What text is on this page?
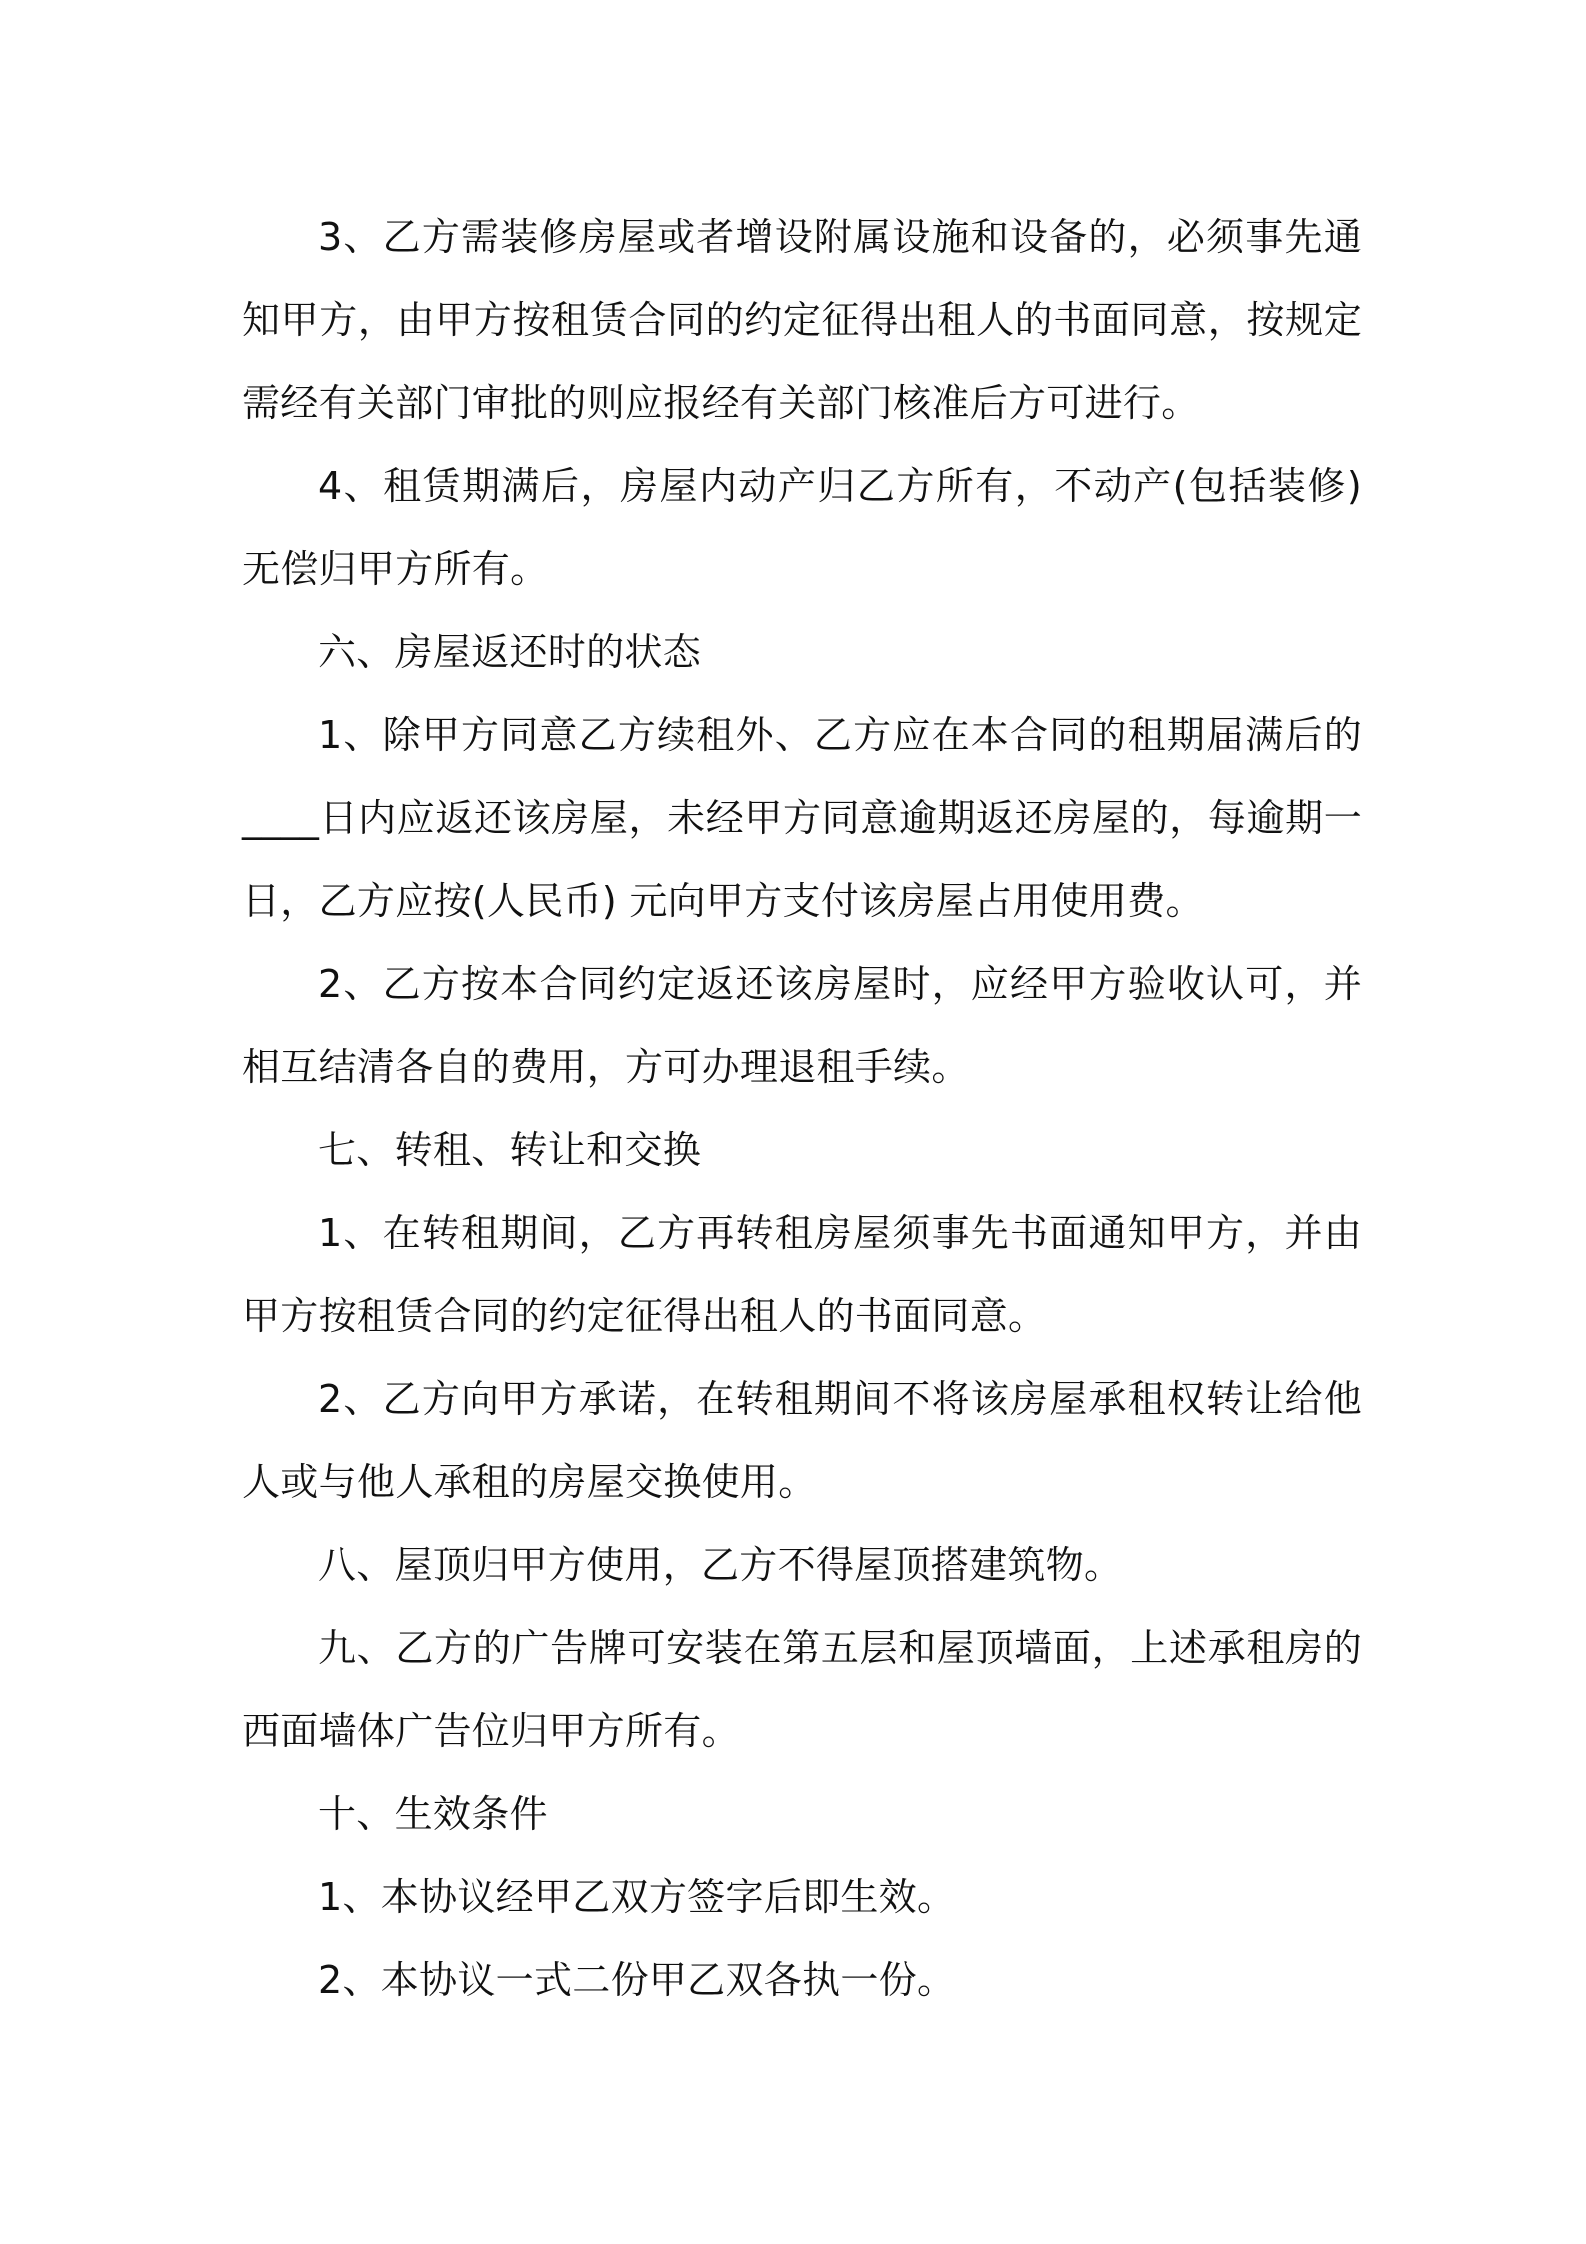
3、乙方需装修房屋或者增设附属设施和设备的，必须事先通知甲方，由甲方按租赁合同的约定征得出租人的书面同意，按规定需经有关部门审批的则应报经有关部门核准后方可进行。

4、租赁期满后，房屋内动产归乙方所有，不动产(包括装修)无偿归甲方所有。

六、房屋返还时的状态

1、除甲方同意乙方续租外、乙方应在本合同的租期届满后的____日内应返还该房屋，未经甲方同意逾期返还房屋的，每逾期一日，乙方应按(人民币) 元向甲方支付该房屋占用使用费。

2、乙方按本合同约定返还该房屋时，应经甲方验收认可，并相互结清各自的费用，方可办理退租手续。

七、转租、转让和交换

1、在转租期间，乙方再转租房屋须事先书面通知甲方，并由甲方按租赁合同的约定征得出租人的书面同意。

2、乙方向甲方承诺，在转租期间不将该房屋承租权转让给他人或与他人承租的房屋交换使用。

八、屋顶归甲方使用，乙方不得屋顶搭建筑物。

九、乙方的广告牌可安装在第五层和屋顶墙面，上述承租房的西面墙体广告位归甲方所有。

十、生效条件

1、本协议经甲乙双方签字后即生效。

2、本协议一式二份甲乙双各执一份。
